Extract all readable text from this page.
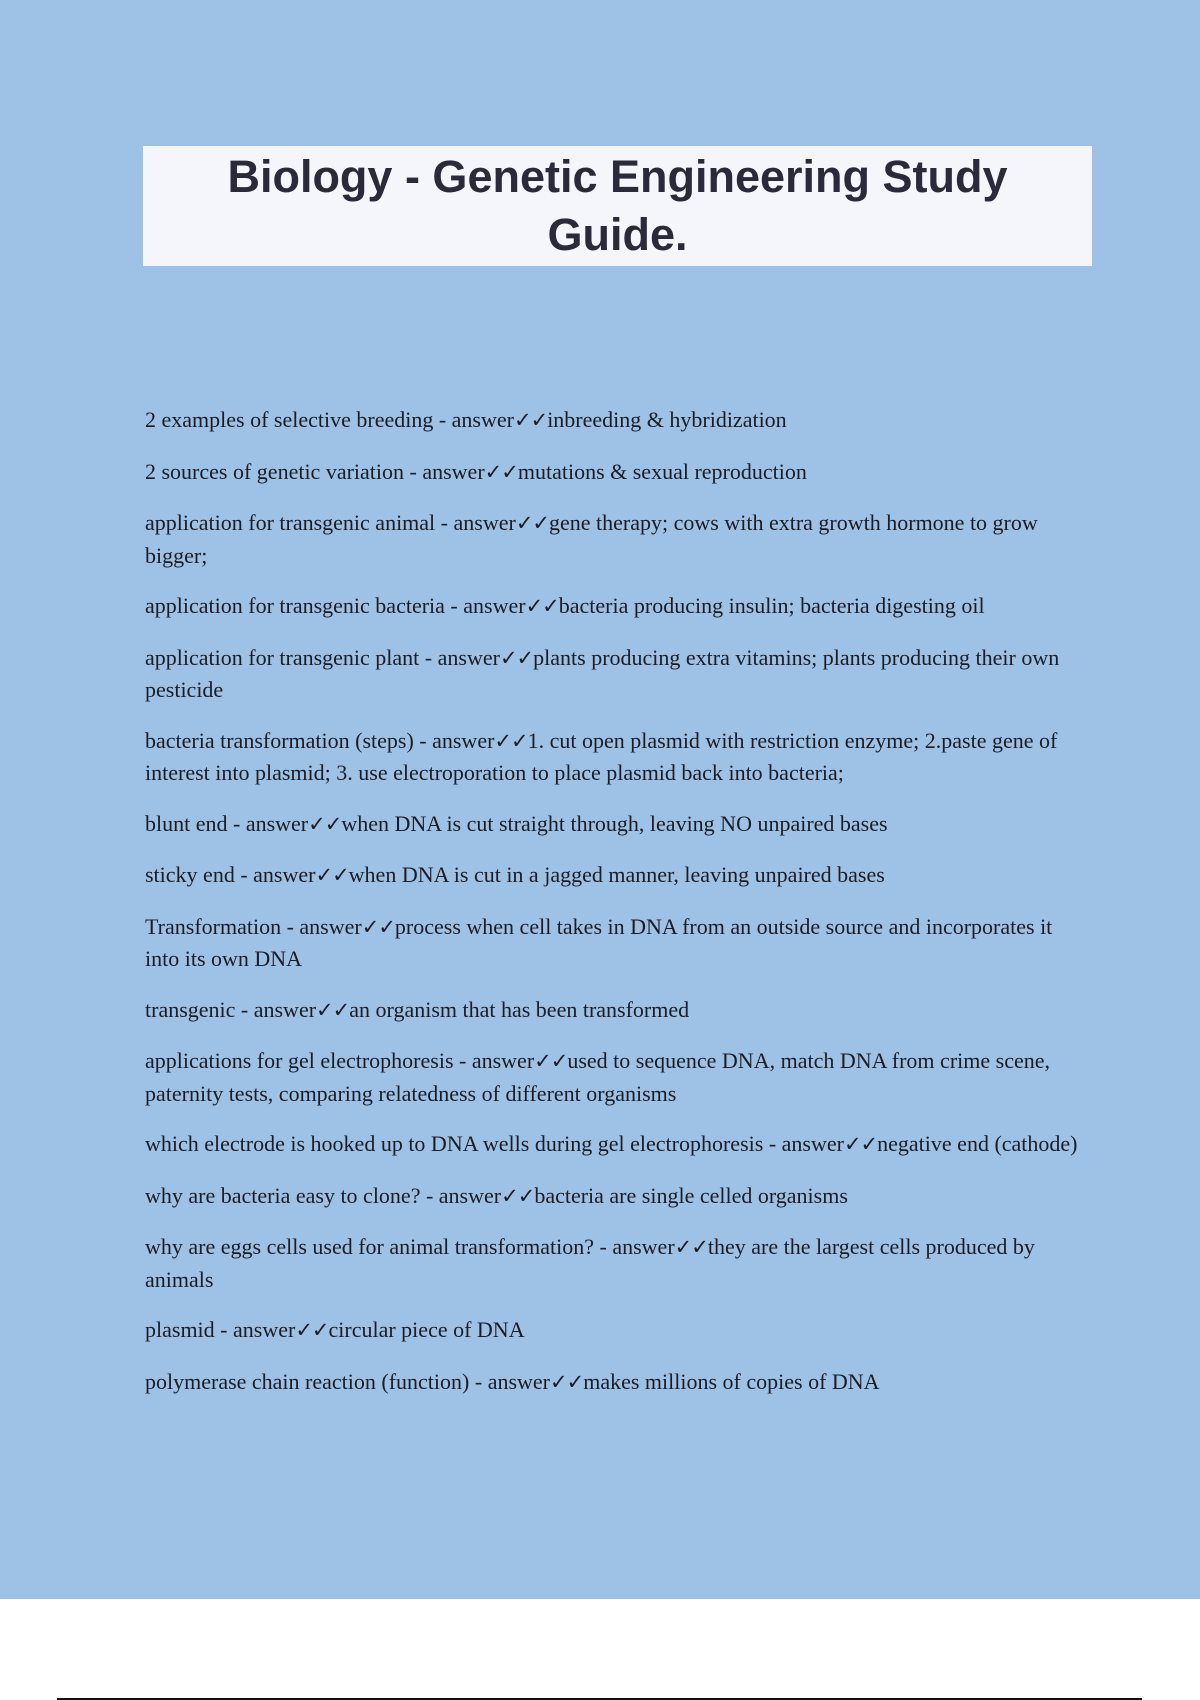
Biology - Genetic Engineering Study Guide.
2 examples of selective breeding - answer✓✓inbreeding & hybridization
2 sources of genetic variation - answer✓✓mutations & sexual reproduction
application for transgenic animal - answer✓✓gene therapy; cows with extra growth hormone to grow bigger;
application for transgenic bacteria - answer✓✓bacteria producing insulin; bacteria digesting oil
application for transgenic plant - answer✓✓plants producing extra vitamins; plants producing their own pesticide
bacteria transformation (steps) - answer✓✓1. cut open plasmid with restriction enzyme; 2.paste gene of interest into plasmid; 3. use electroporation to place plasmid back into bacteria;
blunt end - answer✓✓when DNA is cut straight through, leaving NO unpaired bases
sticky end - answer✓✓when DNA is cut in a jagged manner, leaving unpaired bases
Transformation - answer✓✓process when cell takes in DNA from an outside source and incorporates it into its own DNA
transgenic - answer✓✓an organism that has been transformed
applications for gel electrophoresis - answer✓✓used to sequence DNA, match DNA from crime scene, paternity tests, comparing relatedness of different organisms
which electrode is hooked up to DNA wells during gel electrophoresis - answer✓✓negative end (cathode)
why are bacteria easy to clone? - answer✓✓bacteria are single celled organisms
why are eggs cells used for animal transformation? - answer✓✓they are the largest cells produced by animals
plasmid - answer✓✓circular piece of DNA
polymerase chain reaction (function) - answer✓✓makes millions of copies of DNA
